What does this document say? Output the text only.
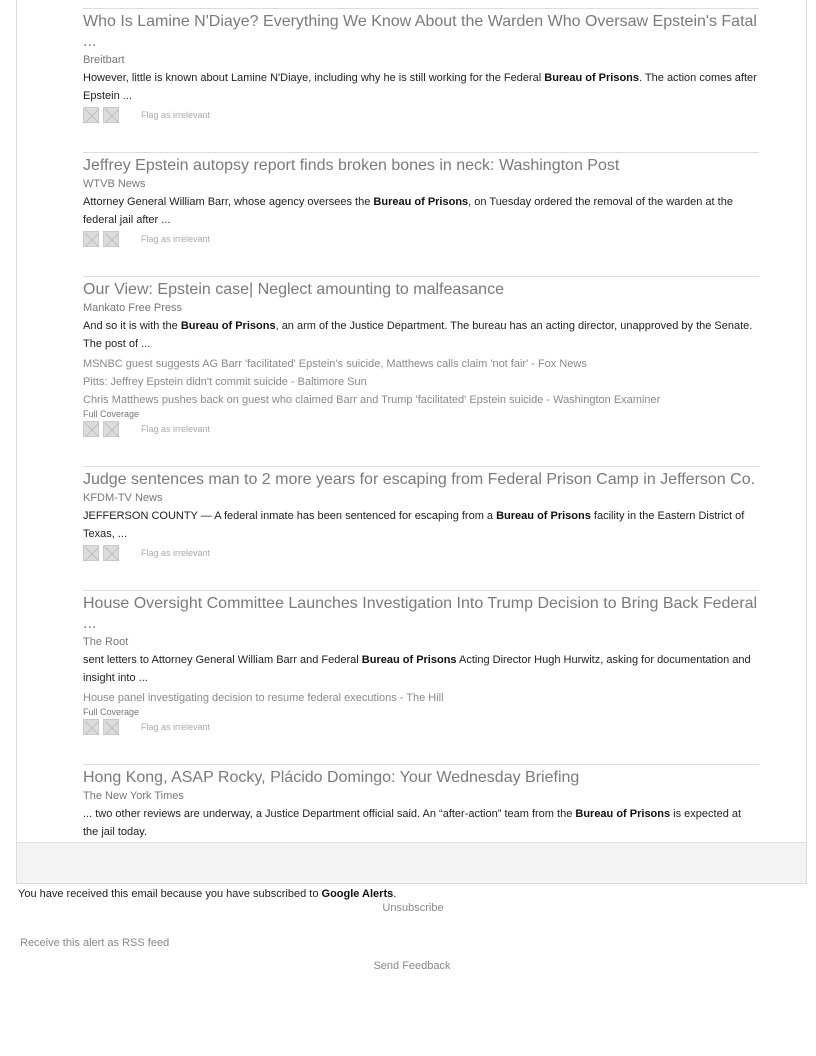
Who Is Lamine N'Diaye? Everything We Know About the Warden Who Oversaw Epstein's Fatal ...
Breitbart
However, little is known about Lamine N'Diaye, including why he is still working for the Federal Bureau of Prisons. The action comes after Epstein ...
Flag as irrelevant
Jeffrey Epstein autopsy report finds broken bones in neck: Washington Post
WTVB News
Attorney General William Barr, whose agency oversees the Bureau of Prisons, on Tuesday ordered the removal of the warden at the federal jail after ...
Flag as irrelevant
Our View: Epstein case| Neglect amounting to malfeasance
Mankato Free Press
And so it is with the Bureau of Prisons, an arm of the Justice Department. The bureau has an acting director, unapproved by the Senate. The post of ...
MSNBC guest suggests AG Barr 'facilitated' Epstein's suicide, Matthews calls claim 'not fair' - Fox News
Pitts: Jeffrey Epstein didn't commit suicide - Baltimore Sun
Chris Matthews pushes back on guest who claimed Barr and Trump 'facilitated' Epstein suicide - Washington Examiner
Full Coverage
Flag as irrelevant
Judge sentences man to 2 more years for escaping from Federal Prison Camp in Jefferson Co.
KFDM-TV News
JEFFERSON COUNTY — A federal inmate has been sentenced for escaping from a Bureau of Prisons facility in the Eastern District of Texas, ...
Flag as irrelevant
House Oversight Committee Launches Investigation Into Trump Decision to Bring Back Federal ...
The Root
sent letters to Attorney General William Barr and Federal Bureau of Prisons Acting Director Hugh Hurwitz, asking for documentation and insight into ...
House panel investigating decision to resume federal executions - The Hill
Full Coverage
Flag as irrelevant
Hong Kong, ASAP Rocky, Plácido Domingo: Your Wednesday Briefing
The New York Times
... two other reviews are underway, a Justice Department official said. An “after-action” team from the Bureau of Prisons is expected at the jail today.
You have received this email because you have subscribed to Google Alerts.
Unsubscribe
Receive this alert as RSS feed
Send Feedback
